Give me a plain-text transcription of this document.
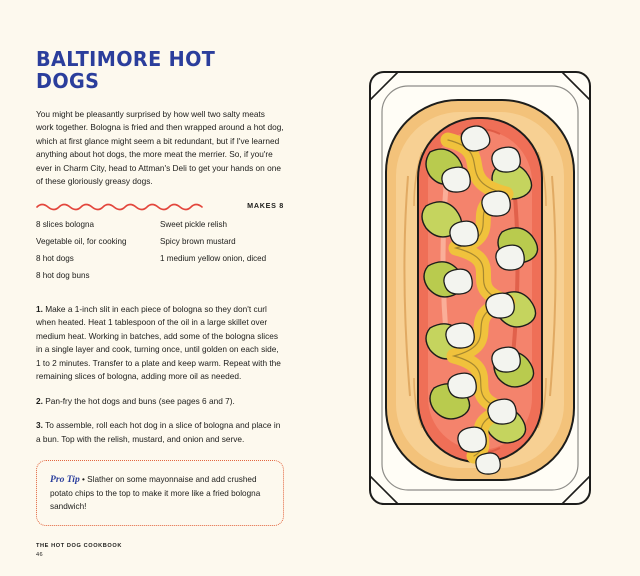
BALTIMORE HOT DOGS

You might be pleasantly surprised by how well two salty meats work together. Bologna is fried and then wrapped around a hot dog, which at first glance might seem a bit redundant, but if I've learned anything about hot dogs, the more meat the merrier. So, if you're ever in Charm City, head to Attman's Deli to get your hands on one of these gloriously greasy dogs.

MAKES 8
8 slices bologna
Vegetable oil, for cooking
8 hot dogs
8 hot dog buns
Sweet pickle relish
Spicy brown mustard
1 medium yellow onion, diced

1. Make a 1-inch slit in each piece of bologna so they don't curl when heated. Heat 1 tablespoon of the oil in a large skillet over medium heat. Working in batches, add some of the bologna slices in a single layer and cook, turning once, until golden on each side, 1 to 2 minutes. Transfer to a plate and keep warm. Repeat with the remaining slices of bologna, adding more oil as needed.

2. Pan-fry the hot dogs and buns (see pages 6 and 7).

3. To assemble, roll each hot dog in a slice of bologna and place in a bun. Top with the relish, mustard, and onion and serve.

Pro Tip • Slather on some mayonnaise and add crushed potato chips to the top to make it more like a fried bologna sandwich!
THE HOT DOG COOKBOOK
46
